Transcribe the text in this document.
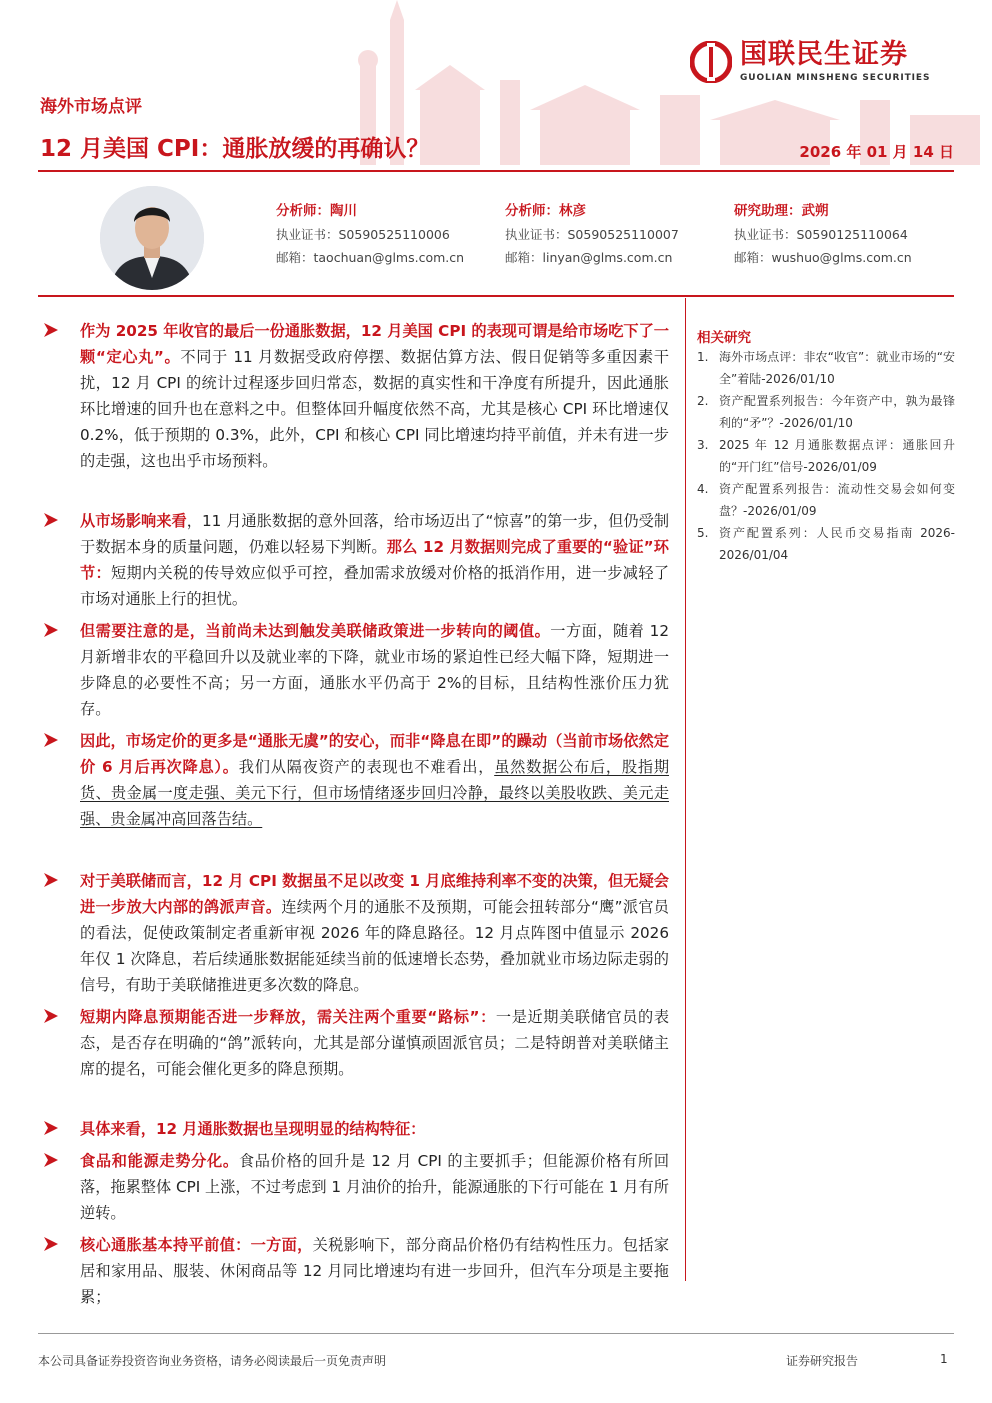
国联民生证券
GUOLIAN MINSHENG SECURITIES
海外市场点评
12 月美国 CPI：通胀放缓的再确认？	2026 年 01 月 14 日
分析师：陶川
执业证书：S0590525110006
邮箱：taochuan@glms.com.cn
分析师：林彦
执业证书：S0590525110007
邮箱：linyan@glms.com.cn
研究助理：武朔
执业证书：S0590125110064
邮箱：wushuo@glms.com.cn
作为 2025 年收官的最后一份通胀数据，12 月美国 CPI 的表现可谓是给市场吃下了一颗“定心丸”。不同于 11 月数据受政府停摆、数据估算方法、假日促销等多重因素干扰，12 月 CPI 的统计过程逐步回归常态，数据的真实性和干净度有所提升，因此通胀环比增速的回升也在意料之中。但整体回升幅度依然不高，尤其是核心 CPI 环比增速仅 0.2%，低于预期的 0.3%，此外，CPI 和核心 CPI 同比增速均持平前值，并未有进一步的走强，这也出乎市场预料。
从市场影响来看，11 月通胀数据的意外回落，给市场迈出了“惊喜”的第一步，但仍受制于数据本身的质量问题，仍难以轻易下判断。那么 12 月数据则完成了重要的“验证”环节：短期内关税的传导效应似乎可控，叠加需求放缓对价格的抵消作用，进一步减轻了市场对通胀上行的担忧。
但需要注意的是，当前尚未达到触发美联储政策进一步转向的阈值。一方面，随着 12 月新增非农的平稳回升以及就业率的下降，就业市场的紧迫性已经大幅下降，短期进一步降息的必要性不高；另一方面，通胀水平仍高于 2%的目标，且结构性涨价压力犹存。
因此，市场定价的更多是“通胀无虞”的安心，而非“降息在即”的躁动（当前市场依然定价 6 月后再次降息）。我们从隔夜资产的表现也不难看出，虽然数据公布后，股指期货、贵金属一度走强、美元下行，但市场情绪逐步回归冷静，最终以美股收跌、美元走强、贵金属冲高回落告结。
对于美联储而言，12 月 CPI 数据虽不足以改变 1 月底维持利率不变的决策，但无疑会进一步放大内部的鸽派声音。连续两个月的通胀不及预期，可能会扭转部分“鹰”派官员的看法，促使政策制定者重新审视 2026 年的降息路径。12 月点阵图中值显示 2026 年仅 1 次降息，若后续通胀数据能延续当前的低速增长态势，叠加就业市场边际走弱的信号，有助于美联储推进更多次数的降息。
短期内降息预期能否进一步释放，需关注两个重要“路标”：一是近期美联储官员的表态，是否存在明确的“鸽”派转向，尤其是部分谨慎顽固派官员；二是特朗普对美联储主席的提名，可能会催化更多的降息预期。
具体来看，12 月通胀数据也呈现明显的结构特征：
食品和能源走势分化。食品价格的回升是 12 月 CPI 的主要抓手；但能源价格有所回落，拖累整体 CPI 上涨，不过考虑到 1 月油价的抬升，能源通胀的下行可能在 1 月有所逆转。
核心通胀基本持平前值：一方面，关税影响下，部分商品价格仍有结构性压力。包括家居和家用品、服装、休闲商品等 12 月同比增速均有进一步回升，但汽车分项是主要拖累；
相关研究
1. 海外市场点评：非农“收官”：就业市场的“安全”着陆-2026/01/10
2. 资产配置系列报告：今年资产中，孰为最锋利的“矛”？-2026/01/10
3. 2025 年 12 月通胀数据点评：通胀回升的“开门红”信号-2026/01/09
4. 资产配置系列报告：流动性交易会如何变盘？-2026/01/09
5. 资产配置系列：人民币交易指南 2026-2026/01/04
本公司具备证券投资咨询业务资格，请务必阅读最后一页免责声明	证券研究报告	1
